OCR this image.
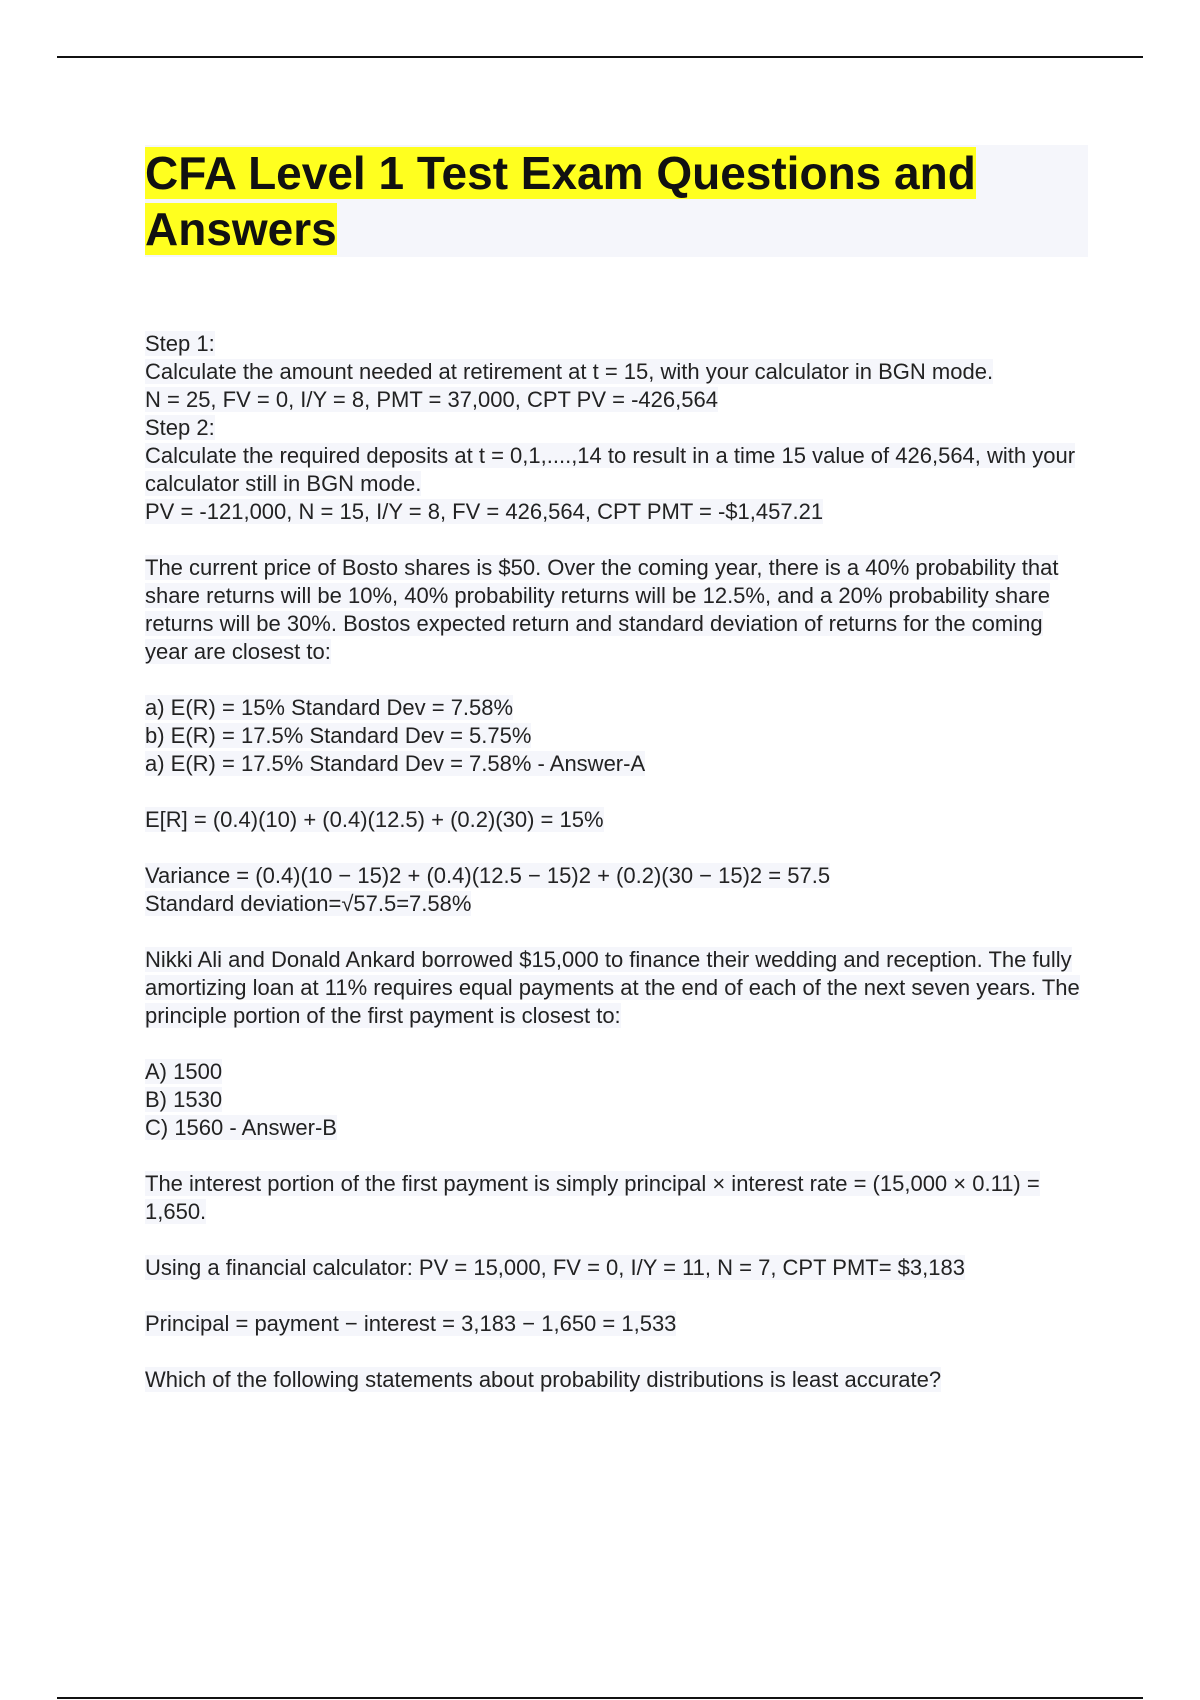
CFA Level 1 Test Exam Questions and Answers

Step 1:

Calculate the amount needed at retirement at t = 15, with your calculator in BGN mode.

N = 25, FV = 0, I/Y = 8, PMT = 37,000, CPT PV = -426,564

Step 2:

Calculate the required deposits at t = 0,1,....,14 to result in a time 15 value of 426,564, with your calculator still in BGN mode.

PV = -121,000, N = 15, I/Y = 8, FV = 426,564, CPT PMT = -$1,457.21

The current price of Bosto shares is $50. Over the coming year, there is a 40% probability that share returns will be 10%, 40% probability returns will be 12.5%, and a 20% probability share returns will be 30%. Bostos expected return and standard deviation of returns for the coming year are closest to:

a) E(R) = 15% Standard Dev = 7.58%

b) E(R) = 17.5% Standard Dev = 5.75%

a) E(R) = 17.5% Standard Dev = 7.58% - Answer-A

E[R] = (0.4)(10) + (0.4)(12.5) + (0.2)(30) = 15%

Variance = (0.4)(10 − 15)2 + (0.4)(12.5 − 15)2 + (0.2)(30 − 15)2 = 57.5

Standard deviation=√57.5=7.58%

Nikki Ali and Donald Ankard borrowed $15,000 to finance their wedding and reception. The fully amortizing loan at 11% requires equal payments at the end of each of the next seven years. The principle portion of the first payment is closest to:

A) 1500

B) 1530

C) 1560 - Answer-B

The interest portion of the first payment is simply principal × interest rate = (15,000 × 0.11) = 1,650.

Using a financial calculator: PV = 15,000, FV = 0, I/Y = 11, N = 7, CPT PMT= $3,183

Principal = payment − interest = 3,183 − 1,650 = 1,533

Which of the following statements about probability distributions is least accurate?
